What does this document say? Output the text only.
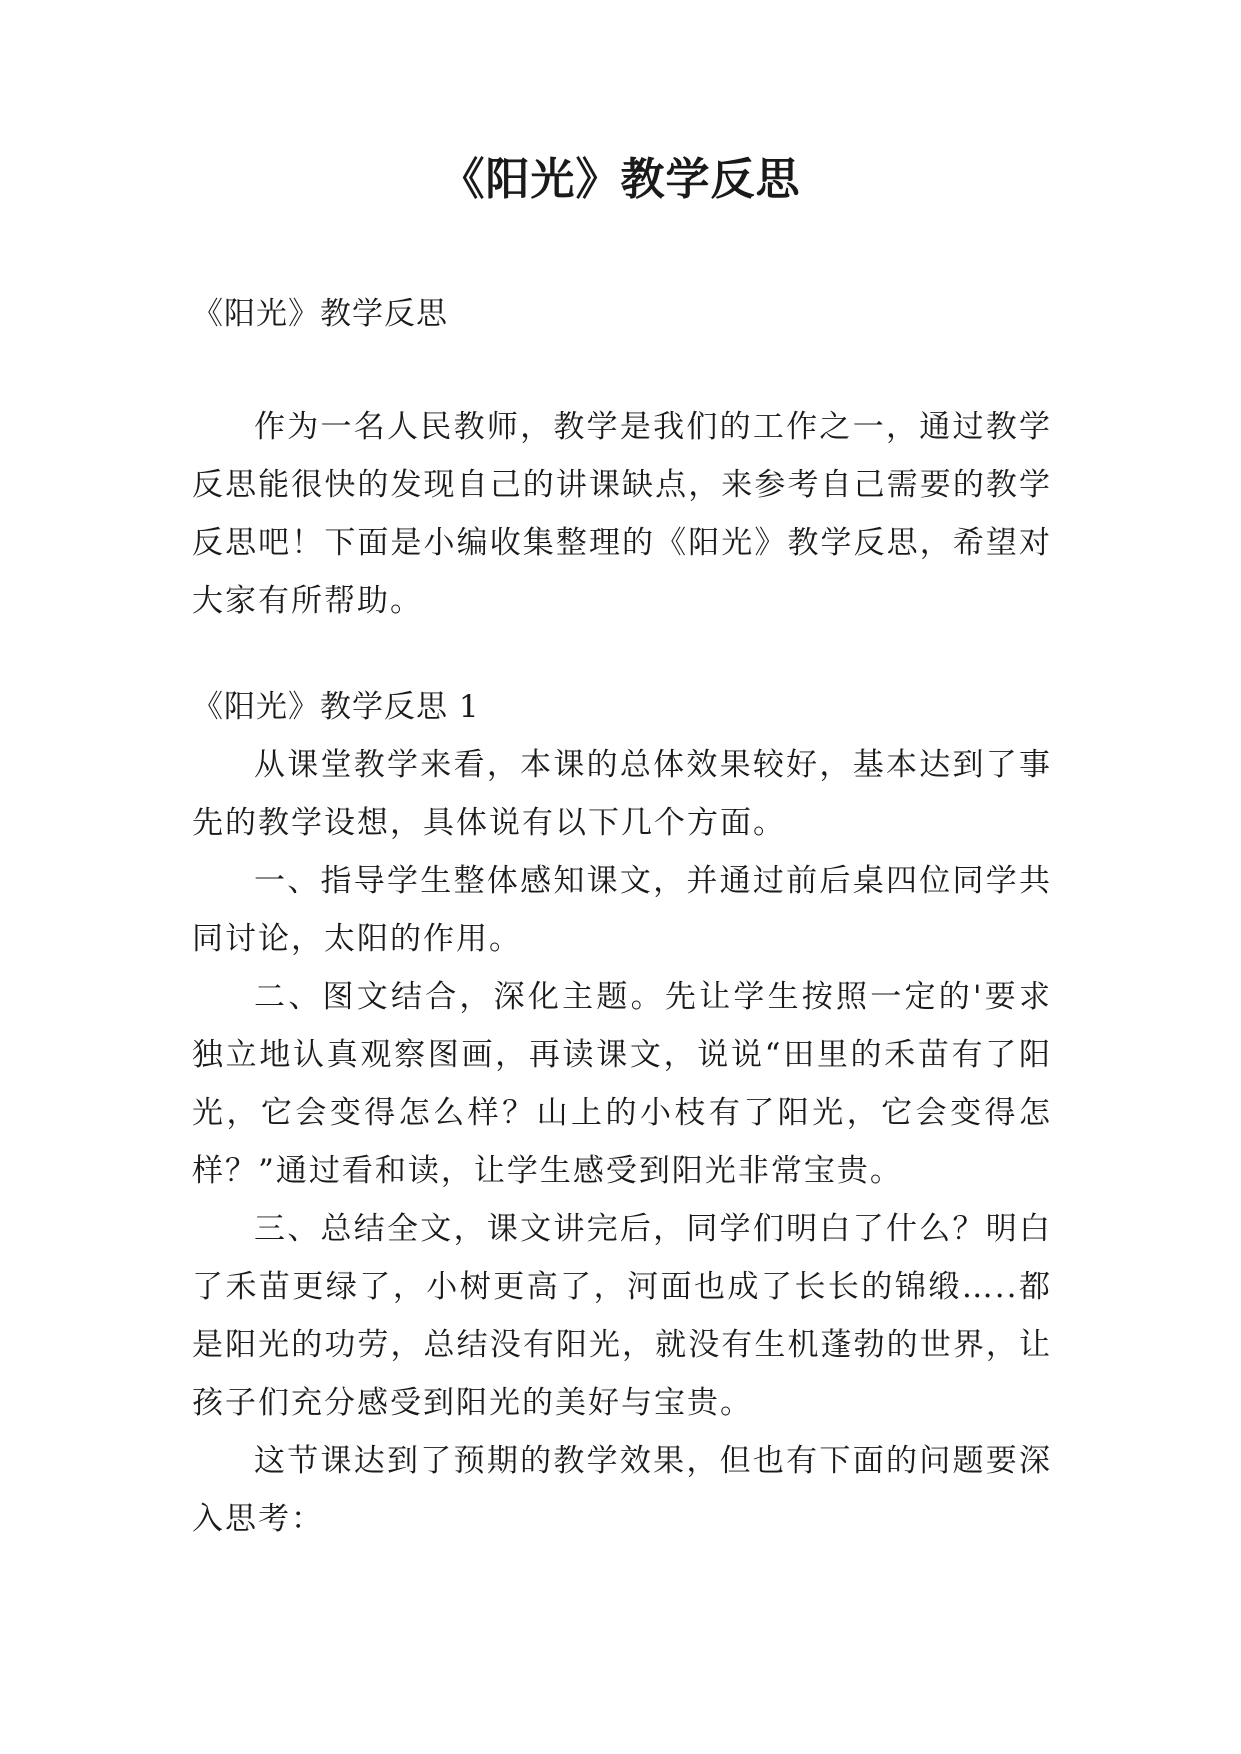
《阳光》教学反思

《阳光》教学反思

作为一名人民教师，教学是我们的工作之一，通过教学反思能很快的发现自己的讲课缺点，来参考自己需要的教学反思吧！下面是小编收集整理的《阳光》教学反思，希望对大家有所帮助。

《阳光》教学反思 1

从课堂教学来看，本课的总体效果较好，基本达到了事先的教学设想，具体说有以下几个方面。

一、指导学生整体感知课文，并通过前后桌四位同学共同讨论，太阳的作用。

二、图文结合，深化主题。先让学生按照一定的'要求独立地认真观察图画，再读课文，说说“田里的禾苗有了阳光，它会变得怎么样？山上的小枝有了阳光，它会变得怎样？”通过看和读，让学生感受到阳光非常宝贵。

三、总结全文，课文讲完后，同学们明白了什么？明白了禾苗更绿了，小树更高了，河面也成了长长的锦缎…..都是阳光的功劳，总结没有阳光，就没有生机蓬勃的世界，让孩子们充分感受到阳光的美好与宝贵。

这节课达到了预期的教学效果，但也有下面的问题要深入思考：
